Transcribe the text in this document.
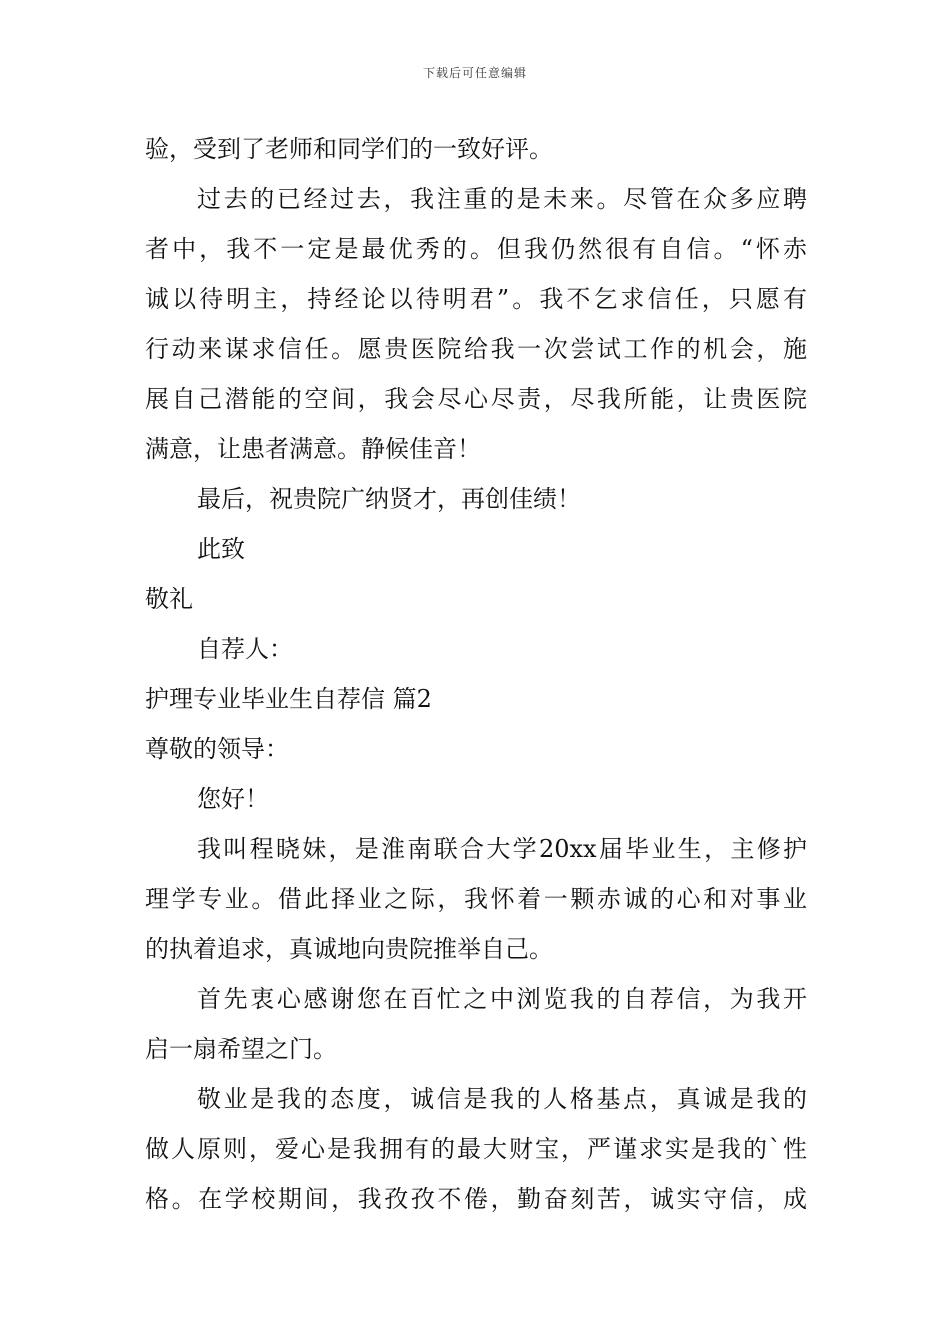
下载后可任意编辑
验，受到了老师和同学们的一致好评。
过去的已经过去，我注重的是未来。尽管在众多应聘
者中，我不一定是最优秀的。但我仍然很有自信。“怀赤
诚以待明主，持经论以待明君”。我不乞求信任，只愿有
行动来谋求信任。愿贵医院给我一次尝试工作的机会，施
展自己潜能的空间，我会尽心尽责，尽我所能，让贵医院
满意，让患者满意。静候佳音！
最后，祝贵院广纳贤才，再创佳绩！
此致
敬礼
自荐人：
护理专业毕业生自荐信 篇2
尊敬的领导：
您好！
我叫程晓妹，是淮南联合大学20xx届毕业生，主修护
理学专业。借此择业之际，我怀着一颗赤诚的心和对事业
的执着追求，真诚地向贵院推举自己。
首先衷心感谢您在百忙之中浏览我的自荐信，为我开
启一扇希望之门。
敬业是我的态度，诚信是我的人格基点，真诚是我的
做人原则，爱心是我拥有的最大财宝，严谨求实是我的`性
格。在学校期间，我孜孜不倦，勤奋刻苦，诚实守信，成
